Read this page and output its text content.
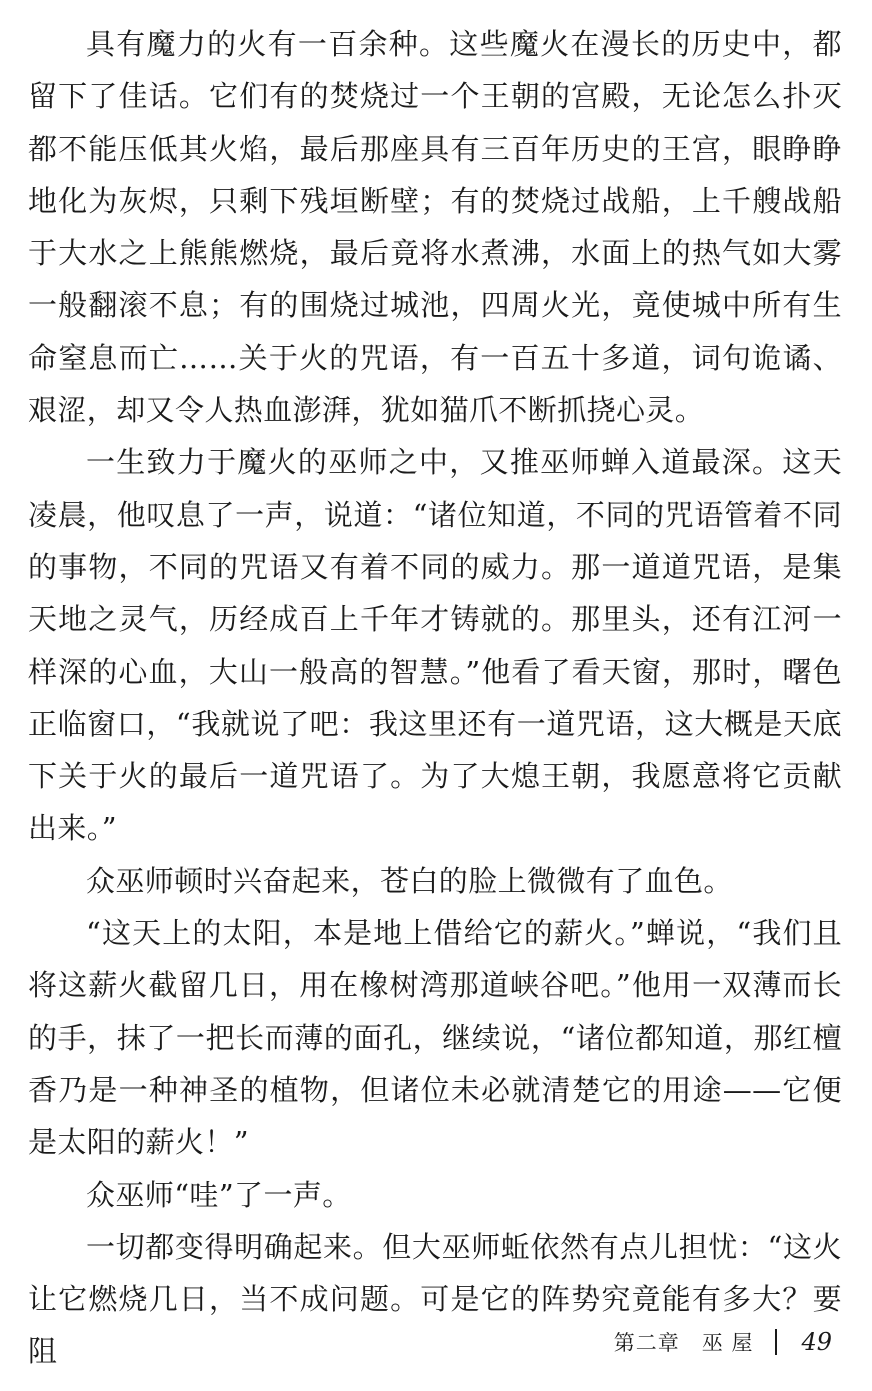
具有魔力的火有一百余种。这些魔火在漫长的历史中，都留下了佳话。它们有的焚烧过一个王朝的宫殿，无论怎么扑灭都不能压低其火焰，最后那座具有三百年历史的王宫，眼睁睁地化为灰烬，只剩下残垣断壁；有的焚烧过战船，上千艘战船于大水之上熊熊燃烧，最后竟将水煮沸，水面上的热气如大雾一般翻滚不息；有的围烧过城池，四周火光，竟使城中所有生命窒息而亡……关于火的咒语，有一百五十多道，词句诡谲、艰涩，却又令人热血澎湃，犹如猫爪不断抓挠心灵。

一生致力于魔火的巫师之中，又推巫师蝉入道最深。这天凌晨，他叹息了一声，说道：“诸位知道，不同的咒语管着不同的事物，不同的咒语又有着不同的威力。那一道道咒语，是集天地之灵气，历经成百上千年才铸就的。那里头，还有江河一样深的心血，大山一般高的智慧。”他看了看天窗，那时，曙色正临窗口，“我就说了吧：我这里还有一道咒语，这大概是天底下关于火的最后一道咒语了。为了大熄王朝，我愿意将它贡献出来。”

众巫师顿时兴奋起来，苍白的脸上微微有了血色。

“这天上的太阳，本是地上借给它的薪火。”蝉说，“我们且将这薪火截留几日，用在橡树湾那道峡谷吧。”他用一双薄而长的手，抹了一把长而薄的面孔，继续说，“诸位都知道，那红檀香乃是一种神圣的植物，但诸位未必就清楚它的用途——它便是太阳的薪火！”

众巫师“哇”了一声。

一切都变得明确起来。但大巫师蚯依然有点儿担忧：“这火让它燃烧几日，当不成问题。可是它的阵势究竟能有多大？要阻	第二章　巫 屋 49
